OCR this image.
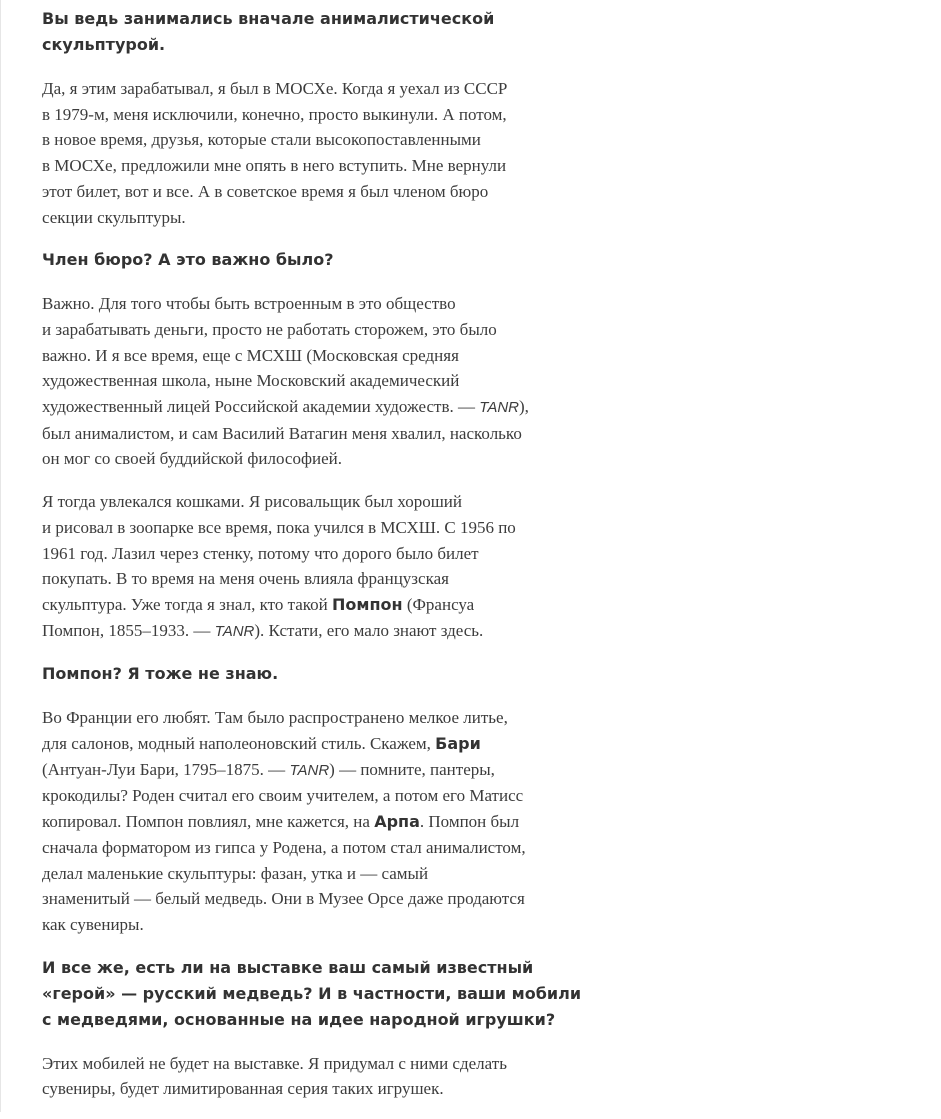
Вы ведь занимались вначале анималистической
скульптурой.

Да, я этим зарабатывал, я был в МОСХе. Когда я уехал из СССР
в 1979-м, меня исключили, конечно, просто выкинули. А потом,
в новое время, друзья, которые стали высокопоставленными
в МОСХе, предложили мне опять в него вступить. Мне вернули
этот билет, вот и все. А в советское время я был членом бюро
секции скульптуры.

Член бюро? А это важно было?

Важно. Для того чтобы быть встроенным в это общество
и зарабатывать деньги, просто не работать сторожем, это было
важно. И я все время, еще с МСХШ (Московская средняя
художественная школа, ныне Московский академический
художественный лицей Российской академии художеств. — TANR),
был анималистом, и сам Василий Ватагин меня хвалил, насколько
он мог со своей буддийской философией.

Я тогда увлекался кошками. Я рисовальщик был хороший
и рисовал в зоопарке все время, пока учился в МСХШ. С 1956 по
1961 год. Лазил через стенку, потому что дорого было билет
покупать. В то время на меня очень влияла французская
скульптура. Уже тогда я знал, кто такой Помпон (Франсуа
Помпон, 1855–1933. — TANR). Кстати, его мало знают здесь.

Помпон? Я тоже не знаю.

Во Франции его любят. Там было распространено мелкое литье,
для салонов, модный наполеоновский стиль. Скажем, Бари
(Антуан-Луи Бари, 1795–1875. — TANR) — помните, пантеры,
крокодилы? Роден считал его своим учителем, а потом его Матисс
копировал. Помпон повлиял, мне кажется, на Арпа. Помпон был
сначала форматором из гипса у Родена, а потом стал анималистом,
делал маленькие скульптуры: фазан, утка и — самый
знаменитый — белый медведь. Они в Музее Орсе даже продаются
как сувениры.

И все же, есть ли на выставке ваш самый известный
«герой» — русский медведь? И в частности, ваши мобили
с медведями, основанные на идее народной игрушки?

Этих мобилей не будет на выставке. Я придумал с ними сделать
сувениры, будет лимитированная серия таких игрушек.
